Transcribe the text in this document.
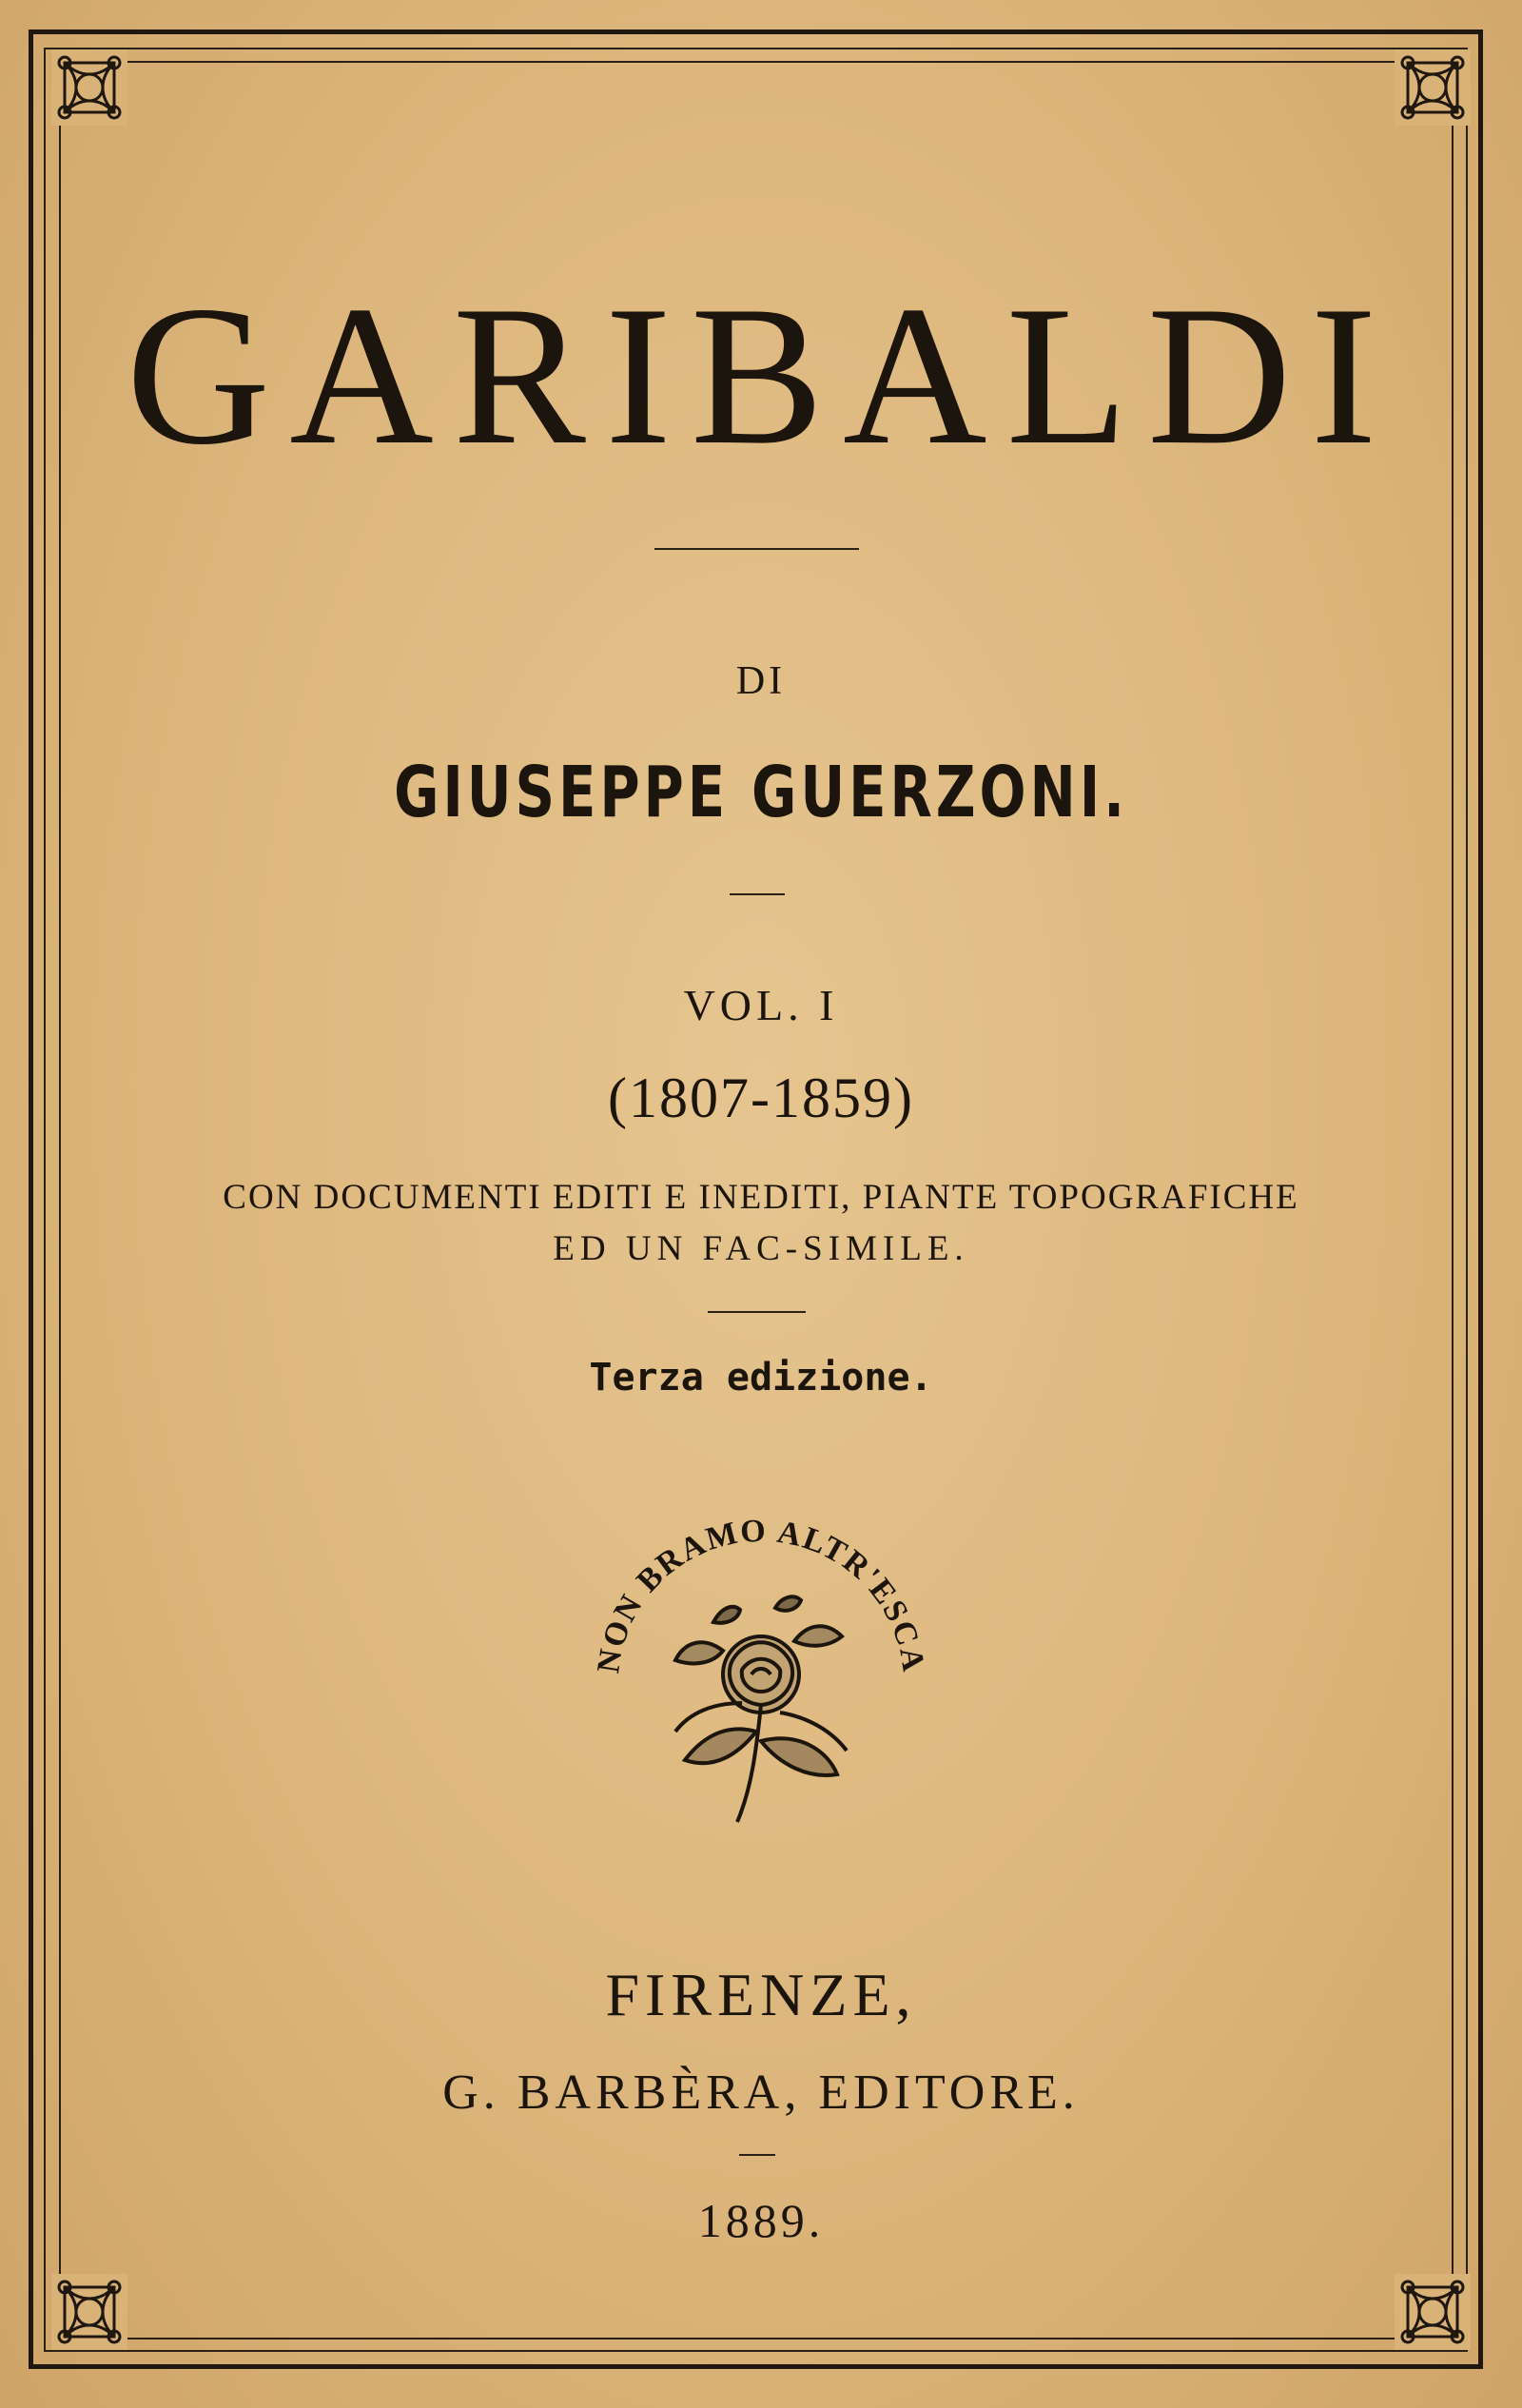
GARIBALDI
DI
GIUSEPPE GUERZONI.
VOL. I
(1807-1859)
CON DOCUMENTI EDITI E INEDITI, PIANTE TOPOGRAFICHE
ED UN FAC-SIMILE.
Terza edizione.
NON BRAMO ALTR'ESCA
FIRENZE,
G. BARBÈRA, EDITORE.
1889.
